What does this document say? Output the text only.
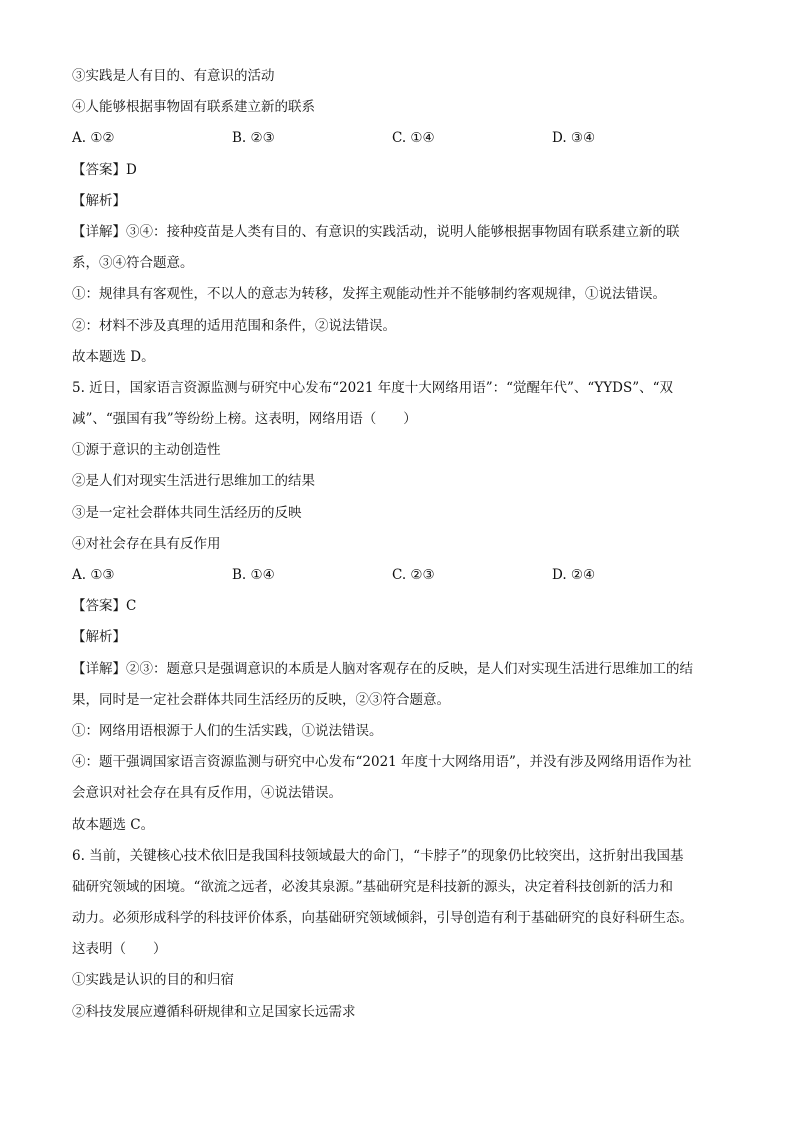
③实践是人有目的、有意识的活动
④人能够根据事物固有联系建立新的联系
A. ①②	B. ②③	C. ①④	D. ③④
【答案】D
【解析】
【详解】③④：接种疫苗是人类有目的、有意识的实践活动，说明人能够根据事物固有联系建立新的联
系，③④符合题意。
①：规律具有客观性，不以人的意志为转移，发挥主观能动性并不能够制约客观规律，①说法错误。
②：材料不涉及真理的适用范围和条件，②说法错误。
故本题选 D。
5. 近日，国家语言资源监测与研究中心发布“2021 年度十大网络用语”：“觉醒年代”、“YYDS”、“双
减”、“强国有我”等纷纷上榜。这表明，网络用语（　　）
①源于意识的主动创造性
②是人们对现实生活进行思维加工的结果
③是一定社会群体共同生活经历的反映
④对社会存在具有反作用
A. ①③	B. ①④	C. ②③	D. ②④
【答案】C
【解析】
【详解】②③：题意只是强调意识的本质是人脑对客观存在的反映，是人们对实现生活进行思维加工的结
果，同时是一定社会群体共同生活经历的反映，②③符合题意。
①：网络用语根源于人们的生活实践，①说法错误。
④：题干强调国家语言资源监测与研究中心发布“2021 年度十大网络用语”，并没有涉及网络用语作为社
会意识对社会存在具有反作用，④说法错误。
故本题选 C。
6. 当前，关键核心技术依旧是我国科技领域最大的命门，“卡脖子”的现象仍比较突出，这折射出我国基
础研究领域的困境。“欲流之远者，必浚其泉源。”基础研究是科技新的源头，决定着科技创新的活力和
动力。必须形成科学的科技评价体系，向基础研究领域倾斜，引导创造有利于基础研究的良好科研生态。
这表明（　　）
①实践是认识的目的和归宿
②科技发展应遵循科研规律和立足国家长远需求
